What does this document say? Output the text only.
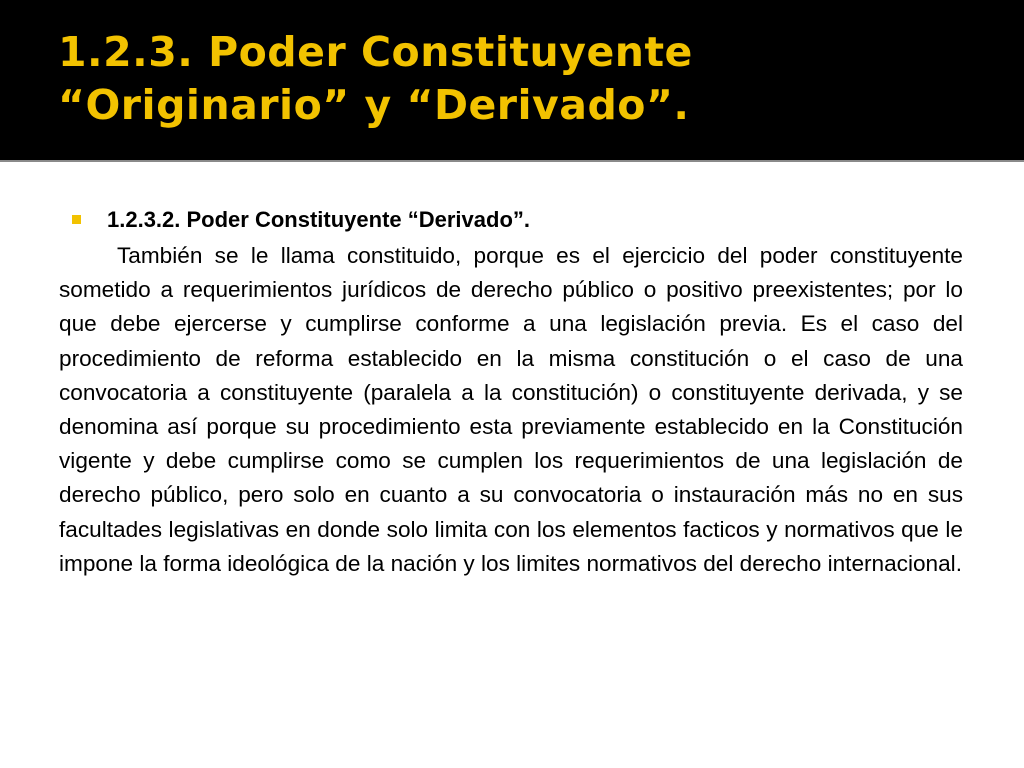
1.2.3. Poder Constituyente
“Originario” y “Derivado”.
1.2.3.2. Poder Constituyente “Derivado”.

También se le llama constituido, porque es el ejercicio del poder constituyente sometido a requerimientos jurídicos de derecho público o positivo preexistentes; por lo que debe ejercerse y cumplirse conforme a una legislación previa. Es el caso del procedimiento de reforma establecido en la misma constitución o el caso de una convocatoria a constituyente (paralela a la constitución) o constituyente derivada, y se denomina así porque su procedimiento esta previamente establecido en la Constitución vigente y debe cumplirse como se cumplen los requerimientos de una legislación de derecho público, pero solo en cuanto a su convocatoria o instauración más no en sus facultades legislativas en donde solo limita con los elementos facticos y normativos que le impone la forma ideológica de la nación y los limites normativos del derecho internacional.
